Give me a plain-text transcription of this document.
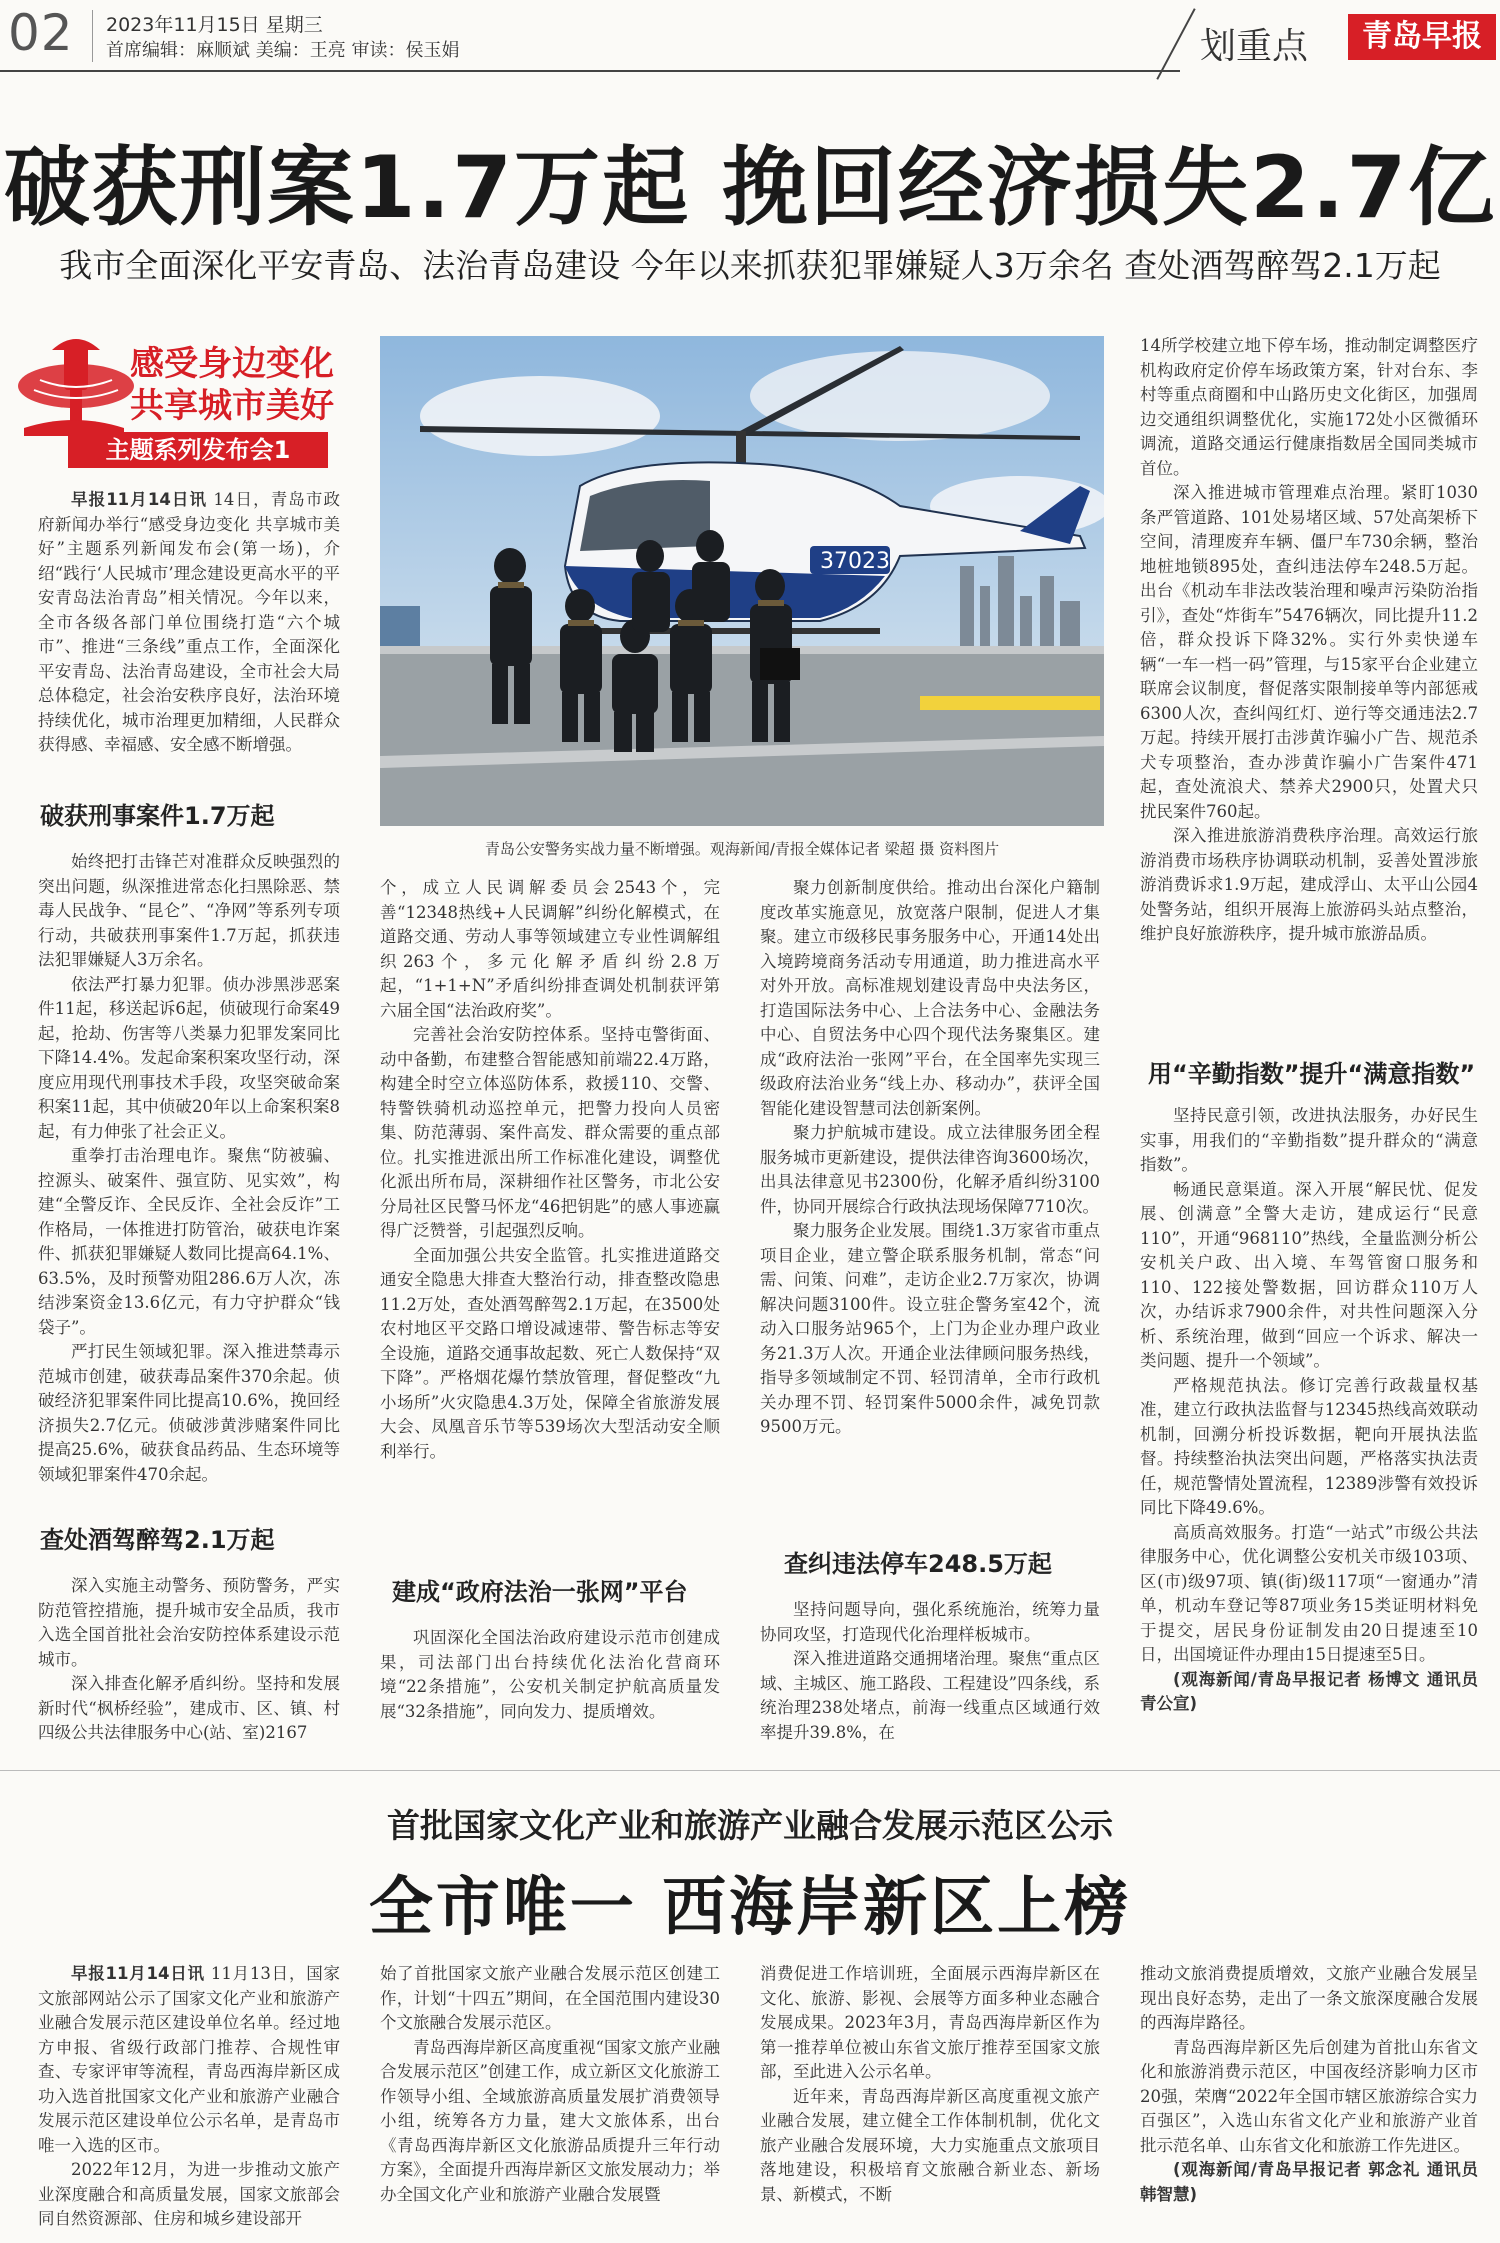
02 2023年11月15日 星期三
首席编辑：麻顺斌 美编：王亮 审读：侯玉娟	划重点	青岛早报
破获刑案1.7万起 挽回经济损失2.7亿
我市全面深化平安青岛、法治青岛建设 今年以来抓获犯罪嫌疑人3万余名 查处酒驾醉驾2.1万起
感受身边变化
共享城市美好
主题系列发布会1

早报11月14日讯 14日，青岛市政府新闻办举行“感受身边变化 共享城市美好”主题系列新闻发布会(第一场)，介绍“践行‘人民城市’理念建设更高水平的平安青岛法治青岛”相关情况。今年以来，全市各级各部门单位围绕打造“六个城市”、推进“三条线”重点工作，全面深化平安青岛、法治青岛建设，全市社会大局总体稳定，社会治安秩序良好，法治环境持续优化，城市治理更加精细，人民群众获得感、幸福感、安全感不断增强。

破获刑事案件1.7万起

始终把打击锋芒对准群众反映强烈的突出问题，纵深推进常态化扫黑除恶、禁毒人民战争、“昆仑”、“净网”等系列专项行动，共破获刑事案件1.7万起，抓获违法犯罪嫌疑人3万余名。

依法严打暴力犯罪。侦办涉黑涉恶案件11起，移送起诉6起，侦破现行命案49起，抢劫、伤害等八类暴力犯罪发案同比下降14.4%。发起命案积案攻坚行动，深度应用现代刑事技术手段，攻坚突破命案积案11起，其中侦破20年以上命案积案8起，有力伸张了社会正义。

重拳打击治理电诈。聚焦“防被骗、控源头、破案件、强宣防、见实效”，构建“全警反诈、全民反诈、全社会反诈”工作格局，一体推进打防管治，破获电诈案件、抓获犯罪嫌疑人数同比提高64.1%、63.5%，及时预警劝阻286.6万人次，冻结涉案资金13.6亿元，有力守护群众“钱袋子”。

严打民生领域犯罪。深入推进禁毒示范城市创建，破获毒品案件370余起。侦破经济犯罪案件同比提高10.6%，挽回经济损失2.7亿元。侦破涉黄涉赌案件同比提高25.6%，破获食品药品、生态环境等领域犯罪案件470余起。

查处酒驾醉驾2.1万起

深入实施主动警务、预防警务，严实防范管控措施，提升城市安全品质，我市入选全国首批社会治安防控体系建设示范城市。

深入排查化解矛盾纠纷。坚持和发展新时代“枫桥经验”，建成市、区、镇、村四级公共法律服务中心(站、室)2167

37023
青岛公安警务实战力量不断增强。观海新闻/青报全媒体记者 梁超 摄 资料图片

个，成立人民调解委员会2543个，完善“12348热线+人民调解”纠纷化解模式，在道路交通、劳动人事等领域建立专业性调解组织263个，多元化解矛盾纠纷2.8万起，“1+1+N”矛盾纠纷排查调处机制获评第六届全国“法治政府奖”。

完善社会治安防控体系。坚持屯警街面、动中备勤，布建整合智能感知前端22.4万路，构建全时空立体巡防体系，救援110、交警、特警铁骑机动巡控单元，把警力投向人员密集、防范薄弱、案件高发、群众需要的重点部位。扎实推进派出所工作标准化建设，调整优化派出所布局，深耕细作社区警务，市北公安分局社区民警马怀龙“46把钥匙”的感人事迹赢得广泛赞誉，引起强烈反响。

全面加强公共安全监管。扎实推进道路交通安全隐患大排查大整治行动，排查整改隐患11.2万处，查处酒驾醉驾2.1万起，在3500处农村地区平交路口增设减速带、警告标志等安全设施，道路交通事故起数、死亡人数保持“双下降”。严格烟花爆竹禁放管理，督促整改“九小场所”火灾隐患4.3万处，保障全省旅游发展大会、凤凰音乐节等539场次大型活动安全顺利举行。

建成“政府法治一张网”平台

巩固深化全国法治政府建设示范市创建成果，司法部门出台持续优化法治化营商环境“22条措施”，公安机关制定护航高质量发展“32条措施”，同向发力、提质增效。

聚力创新制度供给。推动出台深化户籍制度改革实施意见，放宽落户限制，促进人才集聚。建立市级移民事务服务中心，开通14处出入境跨境商务活动专用通道，助力推进高水平对外开放。高标准规划建设青岛中央法务区，打造国际法务中心、上合法务中心、金融法务中心、自贸法务中心四个现代法务聚集区。建成“政府法治一张网”平台，在全国率先实现三级政府法治业务“线上办、移动办”，获评全国智能化建设智慧司法创新案例。

聚力护航城市建设。成立法律服务团全程服务城市更新建设，提供法律咨询3600场次，出具法律意见书2300份，化解矛盾纠纷3100件，协同开展综合行政执法现场保障7710次。

聚力服务企业发展。围绕1.3万家省市重点项目企业，建立警企联系服务机制，常态“问需、问策、问难”，走访企业2.7万家次，协调解决问题3100件。设立驻企警务室42个，流动入口服务站965个，上门为企业办理户政业务21.3万人次。开通企业法律顾问服务热线，指导多领域制定不罚、轻罚清单，全市行政机关办理不罚、轻罚案件5000余件，减免罚款9500万元。

查纠违法停车248.5万起

坚持问题导向，强化系统施治，统筹力量协同攻坚，打造现代化治理样板城市。

深入推进道路交通拥堵治理。聚焦“重点区域、主城区、施工路段、工程建设”四条线，系统治理238处堵点，前海一线重点区域通行效率提升39.8%，在

14所学校建立地下停车场，推动制定调整医疗机构政府定价停车场政策方案，针对台东、李村等重点商圈和中山路历史文化街区，加强周边交通组织调整优化，实施172处小区微循环调流，道路交通运行健康指数居全国同类城市首位。

深入推进城市管理难点治理。紧盯1030条严管道路、101处易堵区域、57处高架桥下空间，清理废弃车辆、僵尸车730余辆，整治地桩地锁895处，查纠违法停车248.5万起。出台《机动车非法改装治理和噪声污染防治指引》，查处“炸街车”5476辆次，同比提升11.2倍，群众投诉下降32%。实行外卖快递车辆“一车一档一码”管理，与15家平台企业建立联席会议制度，督促落实限制接单等内部惩戒6300人次，查纠闯红灯、逆行等交通违法2.7万起。持续开展打击涉黄诈骗小广告、规范杀犬专项整治，查办涉黄诈骗小广告案件471起，查处流浪犬、禁养犬2900只，处置犬只扰民案件760起。

深入推进旅游消费秩序治理。高效运行旅游消费市场秩序协调联动机制，妥善处置涉旅游消费诉求1.9万起，建成浮山、太平山公园4处警务站，组织开展海上旅游码头站点整治，维护良好旅游秩序，提升城市旅游品质。

用“辛勤指数”提升“满意指数”

坚持民意引领，改进执法服务，办好民生实事，用我们的“辛勤指数”提升群众的“满意指数”。

畅通民意渠道。深入开展“解民忧、促发展、创满意”全警大走访，建成运行“民意110”，开通“968110”热线，全量监测分析公安机关户政、出入境、车驾管窗口服务和110、122接处警数据，回访群众110万人次，办结诉求7900余件，对共性问题深入分析、系统治理，做到“回应一个诉求、解决一类问题、提升一个领域”。

严格规范执法。修订完善行政裁量权基准，建立行政执法监督与12345热线高效联动机制，回溯分析投诉数据，靶向开展执法监督。持续整治执法突出问题，严格落实执法责任，规范警情处置流程，12389涉警有效投诉同比下降49.6%。

高质高效服务。打造“一站式”市级公共法律服务中心，优化调整公安机关市级103项、区(市)级97项、镇(街)级117项“一窗通办”清单，机动车登记等87项业务15类证明材料免于提交，居民身份证制发由20日提速至10日，出国境证件办理由15日提速至5日。

(观海新闻/青岛早报记者 杨博文 通讯员 青公宣)

首批国家文化产业和旅游产业融合发展示范区公示
全市唯一 西海岸新区上榜

早报11月14日讯 11月13日，国家文旅部网站公示了国家文化产业和旅游产业融合发展示范区建设单位名单。经过地方申报、省级行政部门推荐、合规性审查、专家评审等流程，青岛西海岸新区成功入选首批国家文化产业和旅游产业融合发展示范区建设单位公示名单，是青岛市唯一入选的区市。

2022年12月，为进一步推动文旅产业深度融合和高质量发展，国家文旅部会同自然资源部、住房和城乡建设部开

始了首批国家文旅产业融合发展示范区创建工作，计划“十四五”期间，在全国范围内建设30个文旅融合发展示范区。

青岛西海岸新区高度重视“国家文旅产业融合发展示范区”创建工作，成立新区文化旅游工作领导小组、全域旅游高质量发展扩消费领导小组，统筹各方力量，建大文旅体系，出台《青岛西海岸新区文化旅游品质提升三年行动方案》，全面提升西海岸新区文旅发展动力；举办全国文化产业和旅游产业融合发展暨

消费促进工作培训班，全面展示西海岸新区在文化、旅游、影视、会展等方面多种业态融合发展成果。2023年3月，青岛西海岸新区作为第一推荐单位被山东省文旅厅推荐至国家文旅部，至此进入公示名单。

近年来，青岛西海岸新区高度重视文旅产业融合发展，建立健全工作体制机制，优化文旅产业融合发展环境，大力实施重点文旅项目落地建设，积极培育文旅融合新业态、新场景、新模式，不断

推动文旅消费提质增效，文旅产业融合发展呈现出良好态势，走出了一条文旅深度融合发展的西海岸路径。

青岛西海岸新区先后创建为首批山东省文化和旅游消费示范区，中国夜经济影响力区市20强，荣膺“2022年全国市辖区旅游综合实力百强区”，入选山东省文化产业和旅游产业首批示范名单、山东省文化和旅游工作先进区。

(观海新闻/青岛早报记者 郭念礼 通讯员 韩智慧)
